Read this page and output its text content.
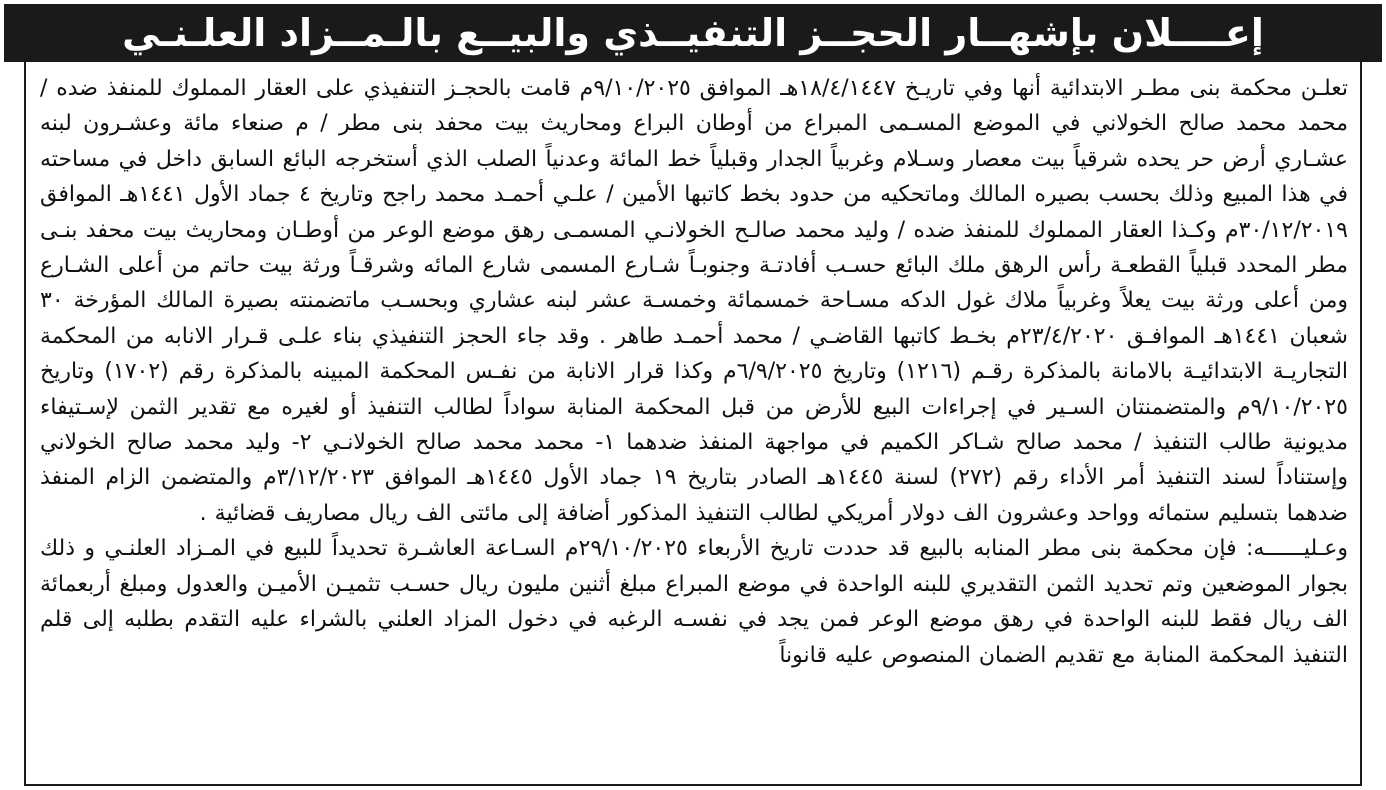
إعــــلان بإشهــار الحجــز التنفيــذي والبيــع بالـمــزاد العلـنـي

تعلـن محكمة بنى مطـر الابتدائية أنها وفي تاريـخ ١٨/٤/١٤٤٧هـ الموافق ٩/١٠/٢٠٢٥م قامت بالحجـز التنفيذي على العقار المملوك للمنفذ ضده / محمد محمد صالح الخولاني في الموضع المسـمى المبراع من أوطان البراع ومحاريث بيت محفد بنى مطر / م صنعاء مائة وعشـرون لبنه عشـاري أرض حر يحده شرقياً بيت معصار وسـلام وغربياً الجدار وقبلياً خط المائة وعدنياً الصلب الذي أستخرجه البائع السابق داخل في مساحته في هذا المبيع وذلك بحسب بصيره المالك وماتحكيه من حدود بخط كاتبها الأمين / علـي أحمـد محمد راجح وتاريخ ٤ جماد الأول ١٤٤١هـ الموافق ٣٠/١٢/٢٠١٩م وكـذا العقار المملوك للمنفذ ضده / وليد محمد صالـح الخولانـي المسمـى رهق موضع الوعر من أوطـان ومحاريث بيت محفد بنـى مطر المحدد قبلياً القطعـة رأس الرهق ملك البائع حسـب أفادتـة وجنوبـاً شـارع المسمى شارع المائه وشرقـاً ورثة بيت حاتم من أعلى الشـارع ومن أعلى ورثة بيت يعلاً وغربياً ملاك غول الدكه مسـاحة خمسمائة وخمسـة عشر لبنه عشاري وبحسـب ماتضمنته بصيرة المالك المؤرخة ٣٠ شعبان ١٤٤١هـ الموافـق ٢٣/٤/٢٠٢٠م بخـط كاتبها القاضـي / محمد أحمـد طاهر . وقد جاء الحجز التنفيذي بناء علـى قـرار الانابه من المحكمة التجاريـة الابتدائيـة بالامانة بالمذكرة رقـم (١٢١٦) وتاريخ ٦/٩/٢٠٢٥م وكذا قرار الانابة من نفـس المحكمة المبينه بالمذكرة رقم (١٧٠٢) وتاريخ ٩/١٠/٢٠٢٥م والمتضمنتان السـير في إجراءات البيع للأرض من قبل المحكمة المنابة سواداً لطالب التنفيذ أو لغيره مع تقدير الثمن لإسـتيفاء مديونية طالب التنفيذ / محمد صالح شـاكر الكميم في مواجهة المنفذ ضدهما ١- محمد محمد صالح الخولانـي ٢- وليد محمد صالح الخولاني وإستناداً لسند التنفيذ أمر الأداء رقم (٢٧٢) لسنة ١٤٤٥هـ الصادر بتاريخ ١٩ جماد الأول ١٤٤٥هـ الموافق ٣/١٢/٢٠٢٣م والمتضمن الزام المنفذ ضدهما بتسليم ستمائه وواحد وعشرون الف دولار أمريكي لطالب التنفيذ المذكور أضافة إلى مائتى الف ريال مصاريف قضائية .

وعـليــــــه: فإن محكمة بنى مطر المنابه بالبيع قد حددت تاريخ الأربعاء ٢٩/١٠/٢٠٢٥م السـاعة العاشـرة تحديداً للبيع في المـزاد العلنـي و ذلك بجوار الموضعين وتم تحديد الثمن التقديري للبنه الواحدة في موضع المبراع مبلغ أثنين مليون ريال حسـب تثميـن الأميـن والعدول ومبلغ أربعمائة الف ريال فقط للبنه الواحدة في رهق موضع الوعر فمن يجد في نفسـه الرغبه في دخول المزاد العلني بالشراء عليه التقدم بطلبه إلى قلم التنفيذ المحكمة المنابة مع تقديم الضمان المنصوص عليه قانوناً
